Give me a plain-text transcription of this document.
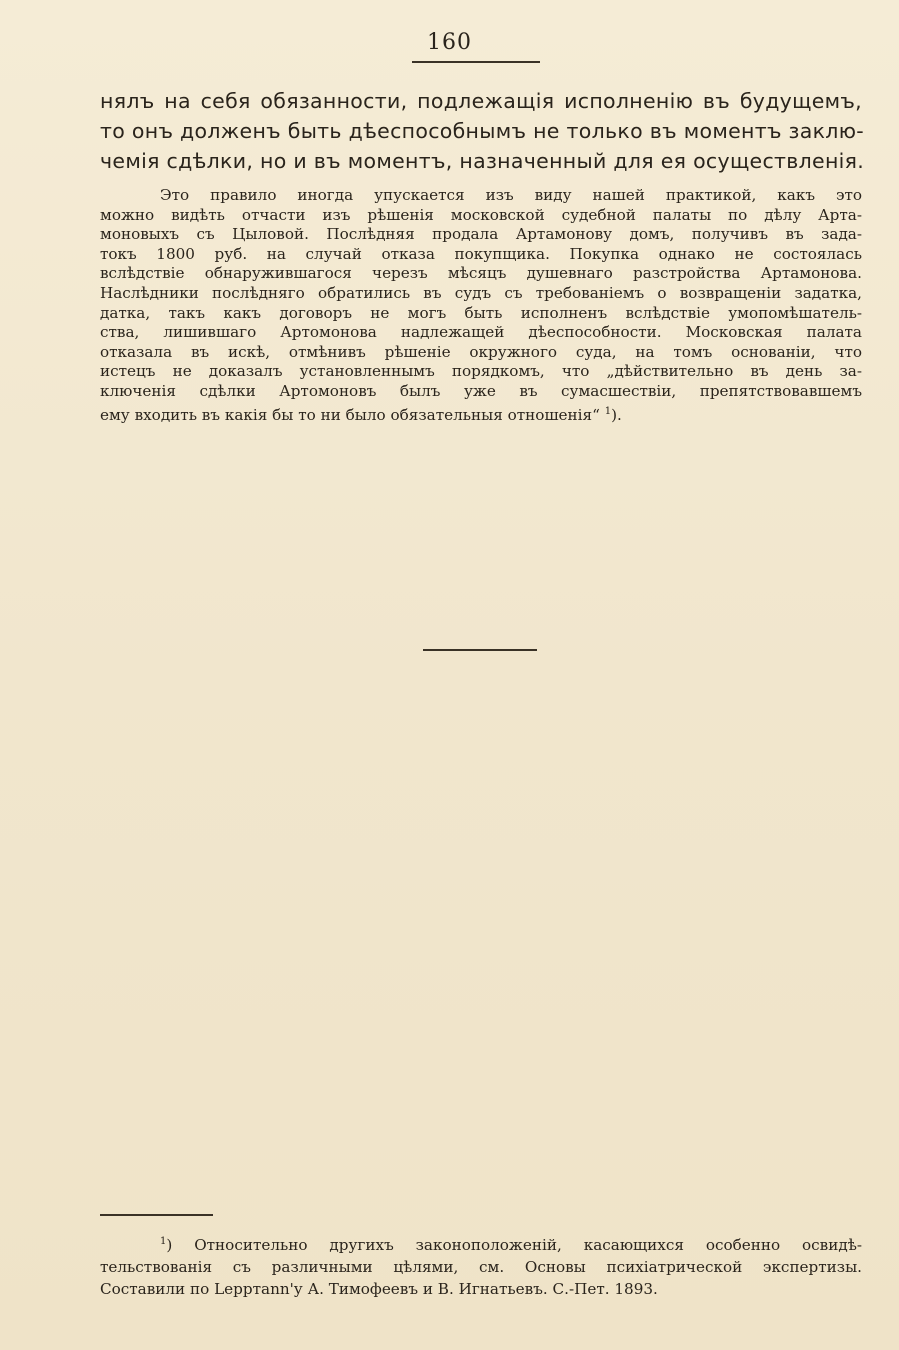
160
нялъ на себя обязанности, подлежащія исполненію въ будущемъ,
то онъ долженъ быть дѣеспособнымъ не только въ моментъ заклю-
чемія сдѣлки, но и въ моментъ, назначенный для ея осуществленія.
Это правило иногда упускается изъ виду нашей практикой, какъ это
можно видѣть отчасти изъ рѣшенія московской судебной палаты по дѣлу Арта-
моновыхъ съ Цыловой. Послѣдняя продала Артамонову домъ, получивъ въ зада-
токъ 1800 руб. на случай отказа покупщика. Покупка однако не состоялась
вслѣдствіе обнаружившагося черезъ мѣсяцъ душевнаго разстройства Артамонова.
Наслѣдники послѣдняго обратились въ судъ съ требованіемъ о возвращеніи задатка,
датка, такъ какъ договоръ не могъ быть исполненъ вслѣдствіе умопомѣшатель-
ства, лишившаго Артомонова надлежащей дѣеспособности. Московская палата
отказала въ искѣ, отмѣнивъ рѣшеніе окружного суда, на томъ основаніи, что
истецъ не доказалъ установленнымъ порядкомъ, что „дѣйствительно въ день за-
ключенія сдѣлки Артомоновъ былъ уже въ сумасшествіи, препятствовавшемъ
ему входить въ какія бы то ни было обязательныя отношенія“ $^1$).
$^1$) Относительно другихъ законоположеній, касающихся особенно освидѣ-
тельствованія съ различными цѣлями, см. Основы психіатрической экспертизы.
Составили по Lерртаnn'у А. Тимофеевъ и В. Игнатьевъ. С.-Пет. 1893.
